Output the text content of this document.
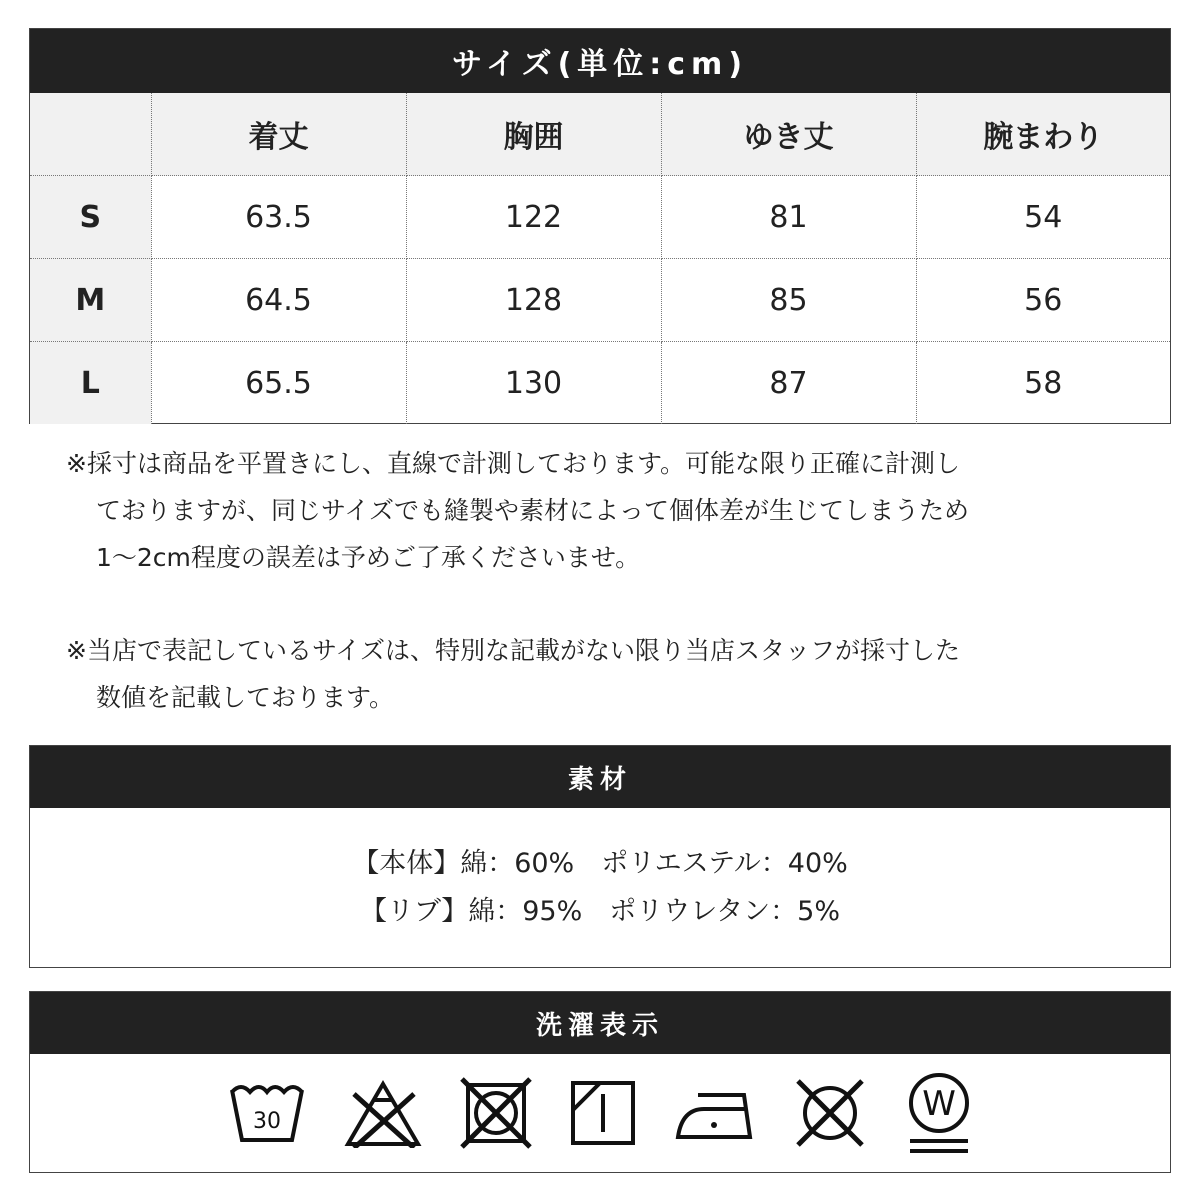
サイズ(単位:cm)
	着丈	胸囲	ゆき丈	腕まわり
S	63.5	122	81	54
M	64.5	128	85	56
L	65.5	130	87	58
※採寸は商品を平置きにし、直線で計測しております。可能な限り正確に計測し
ておりますが、同じサイズでも縫製や素材によって個体差が生じてしまうため
1～2cm程度の誤差は予めご了承くださいませ。
※当店で表記しているサイズは、特別な記載がない限り当店スタッフが採寸した
数値を記載しております。
素材
【本体】綿：60%　ポリエステル：40%
【リブ】綿：95%　ポリウレタン：5%
洗濯表示
30	W
